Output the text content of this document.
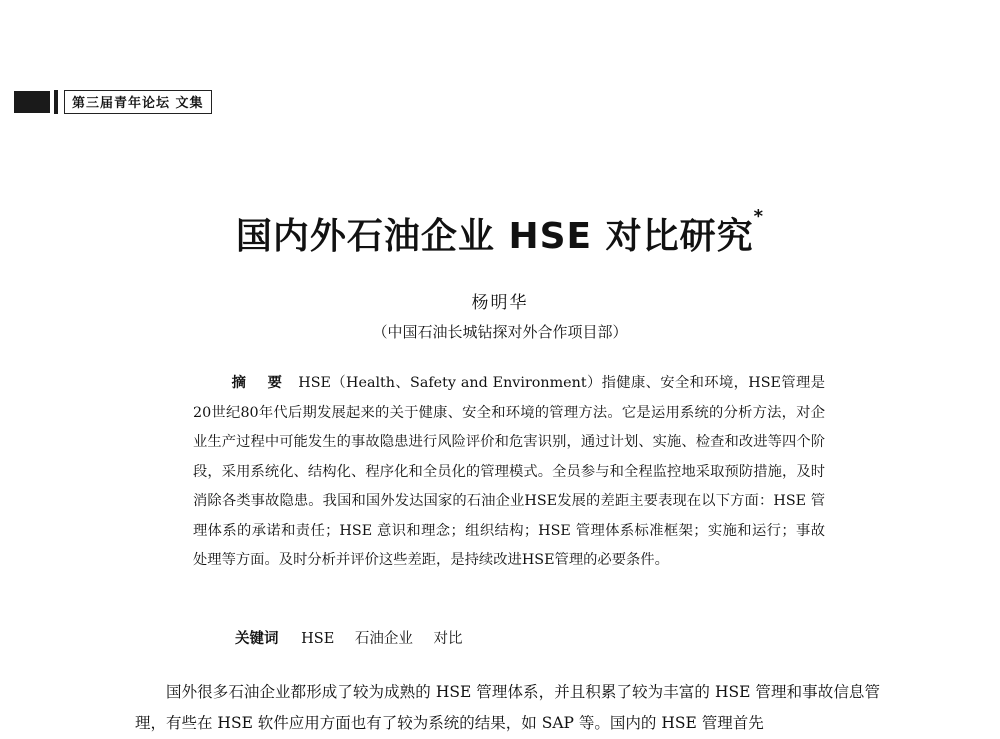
第三届青年论坛 文集
国内外石油企业 HSE 对比研究*
杨明华
（中国石油长城钻探对外合作项目部）
摘 要 HSE（Health、Safety and Environment）指健康、安全和环境，HSE管理是20世纪80年代后期发展起来的关于健康、安全和环境的管理方法。它是运用系统的分析方法，对企业生产过程中可能发生的事故隐患进行风险评价和危害识别，通过计划、实施、检查和改进等四个阶段，采用系统化、结构化、程序化和全员化的管理模式。全员参与和全程监控地采取预防措施，及时消除各类事故隐患。我国和国外发达国家的石油企业HSE发展的差距主要表现在以下方面：HSE 管理体系的承诺和责任；HSE 意识和理念；组织结构；HSE 管理体系标准框架；实施和运行；事故处理等方面。及时分析并评价这些差距，是持续改进HSE管理的必要条件。
关键词 HSE 石油企业 对比
国外很多石油企业都形成了较为成熟的 HSE 管理体系，并且积累了较为丰富的 HSE 管理和事故信息管理，有些在 HSE 软件应用方面也有了较为系统的结果，如 SAP 等。国内的 HSE 管理首先
